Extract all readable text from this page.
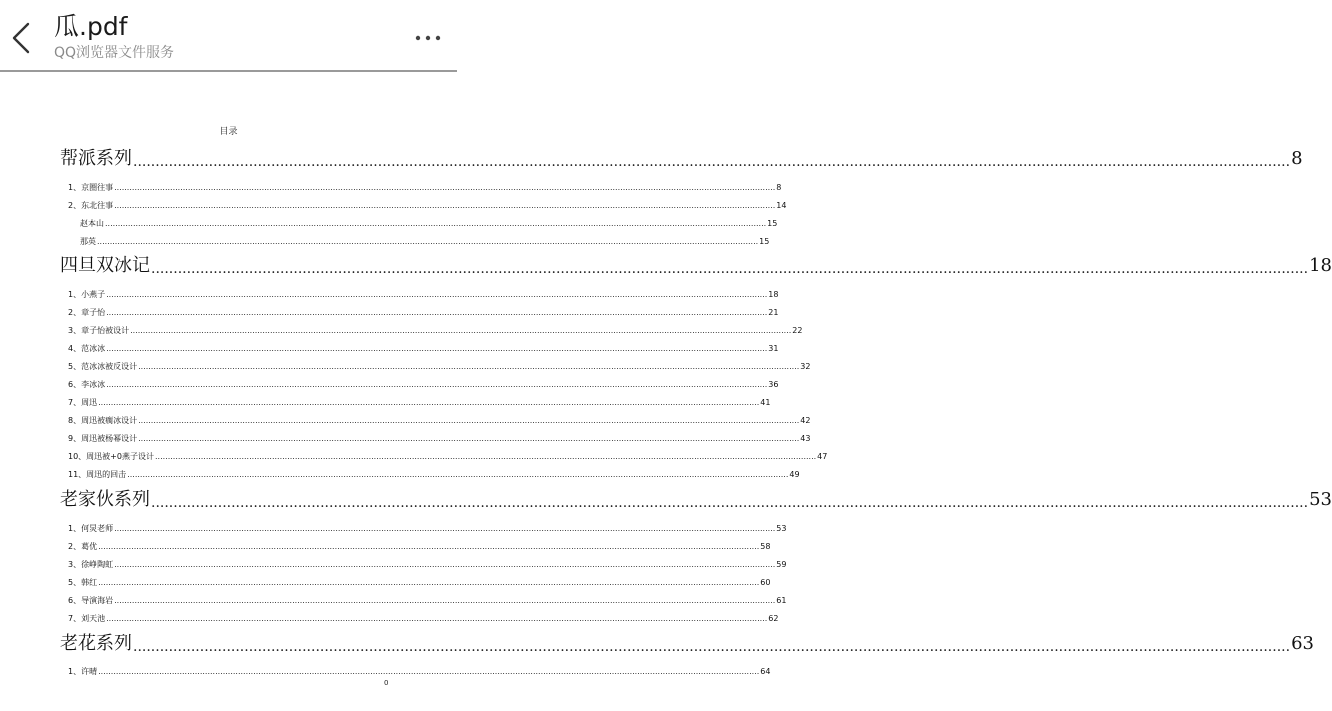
瓜.pdf
QQ浏览器文件服务
目录
帮派系列 .................................................................................................................................................................................................................................................................... 8
1、京圈往事 .................................................................................................................................................................................................................................................................... 8
2、东北往事 .................................................................................................................................................................................................................................................................... 14
赵本山 .................................................................................................................................................................................................................................................................... 15
那英 .................................................................................................................................................................................................................................................................... 15
四旦双冰记 .................................................................................................................................................................................................................................................................... 18
1、小燕子 .................................................................................................................................................................................................................................................................... 18
2、章子怡 .................................................................................................................................................................................................................................................................... 21
3、章子怡被设计 .................................................................................................................................................................................................................................................................... 22
4、范冰冰 .................................................................................................................................................................................................................................................................... 31
5、范冰冰被反设计 .................................................................................................................................................................................................................................................................... 32
6、李冰冰 .................................................................................................................................................................................................................................................................... 36
7、周迅 .................................................................................................................................................................................................................................................................... 41
8、周迅被瘸冰设计 .................................................................................................................................................................................................................................................................... 42
9、周迅被杨幂设计 .................................................................................................................................................................................................................................................................... 43
10、周迅被+0燕子设计 .................................................................................................................................................................................................................................................................... 47
11、周迅的回击 .................................................................................................................................................................................................................................................................... 49
老家伙系列 .................................................................................................................................................................................................................................................................... 53
1、何炅老师 .................................................................................................................................................................................................................................................................... 53
2、葛优 .................................................................................................................................................................................................................................................................... 58
3、徐峥陶虹 .................................................................................................................................................................................................................................................................... 59
5、韩红 .................................................................................................................................................................................................................................................................... 60
6、导演海岩 .................................................................................................................................................................................................................................................................... 61
7、刘天池 .................................................................................................................................................................................................................................................................... 62
老花系列 .................................................................................................................................................................................................................................................................... 63
1、许晴 .................................................................................................................................................................................................................................................................... 64
0
